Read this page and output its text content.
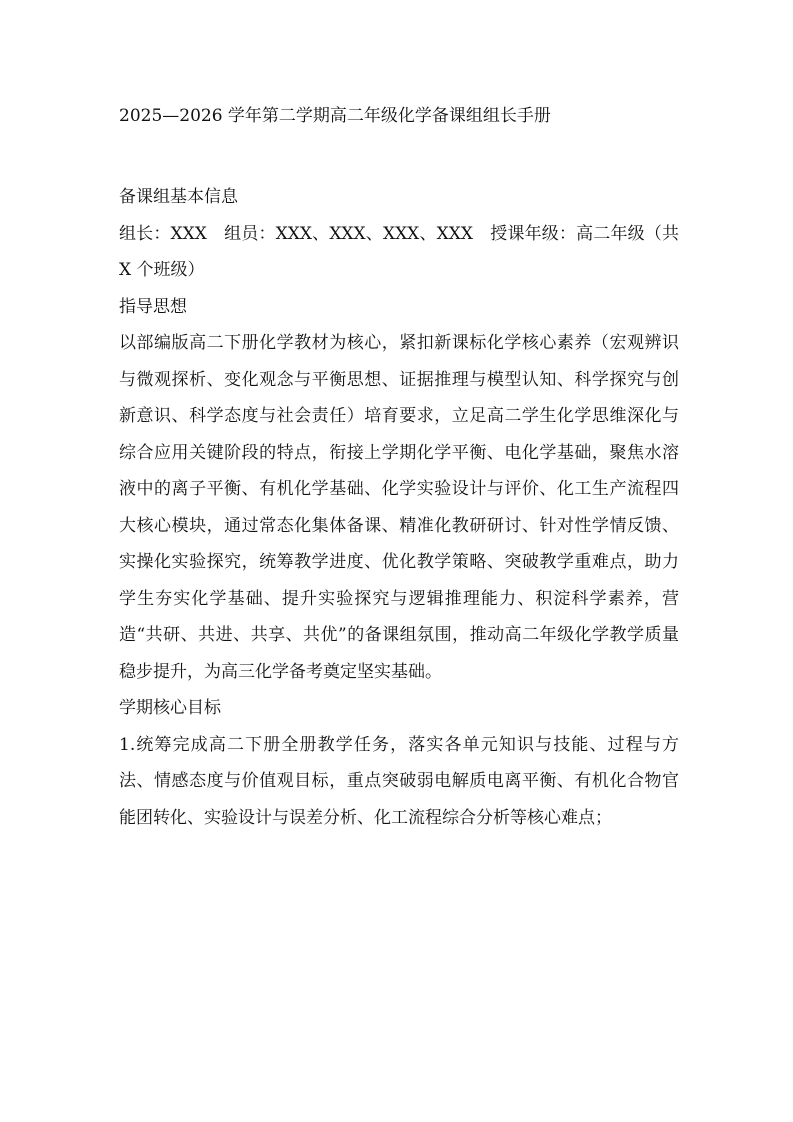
2025—2026 学年第二学期高二年级化学备课组组长手册

备课组基本信息

组长：XXX　组员：XXX、XXX、XXX、XXX　授课年级：高二年级（共 X 个班级）

指导思想

以部编版高二下册化学教材为核心，紧扣新课标化学核心素养（宏观辨识与微观探析、变化观念与平衡思想、证据推理与模型认知、科学探究与创新意识、科学态度与社会责任）培育要求，立足高二学生化学思维深化与综合应用关键阶段的特点，衔接上学期化学平衡、电化学基础，聚焦水溶液中的离子平衡、有机化学基础、化学实验设计与评价、化工生产流程四大核心模块，通过常态化集体备课、精准化教研研讨、针对性学情反馈、实操化实验探究，统筹教学进度、优化教学策略、突破教学重难点，助力学生夯实化学基础、提升实验探究与逻辑推理能力、积淀科学素养，营造“共研、共进、共享、共优”的备课组氛围，推动高二年级化学教学质量稳步提升，为高三化学备考奠定坚实基础。

学期核心目标

1.统筹完成高二下册全册教学任务，落实各单元知识与技能、过程与方法、情感态度与价值观目标，重点突破弱电解质电离平衡、有机化合物官能团转化、实验设计与误差分析、化工流程综合分析等核心难点；
